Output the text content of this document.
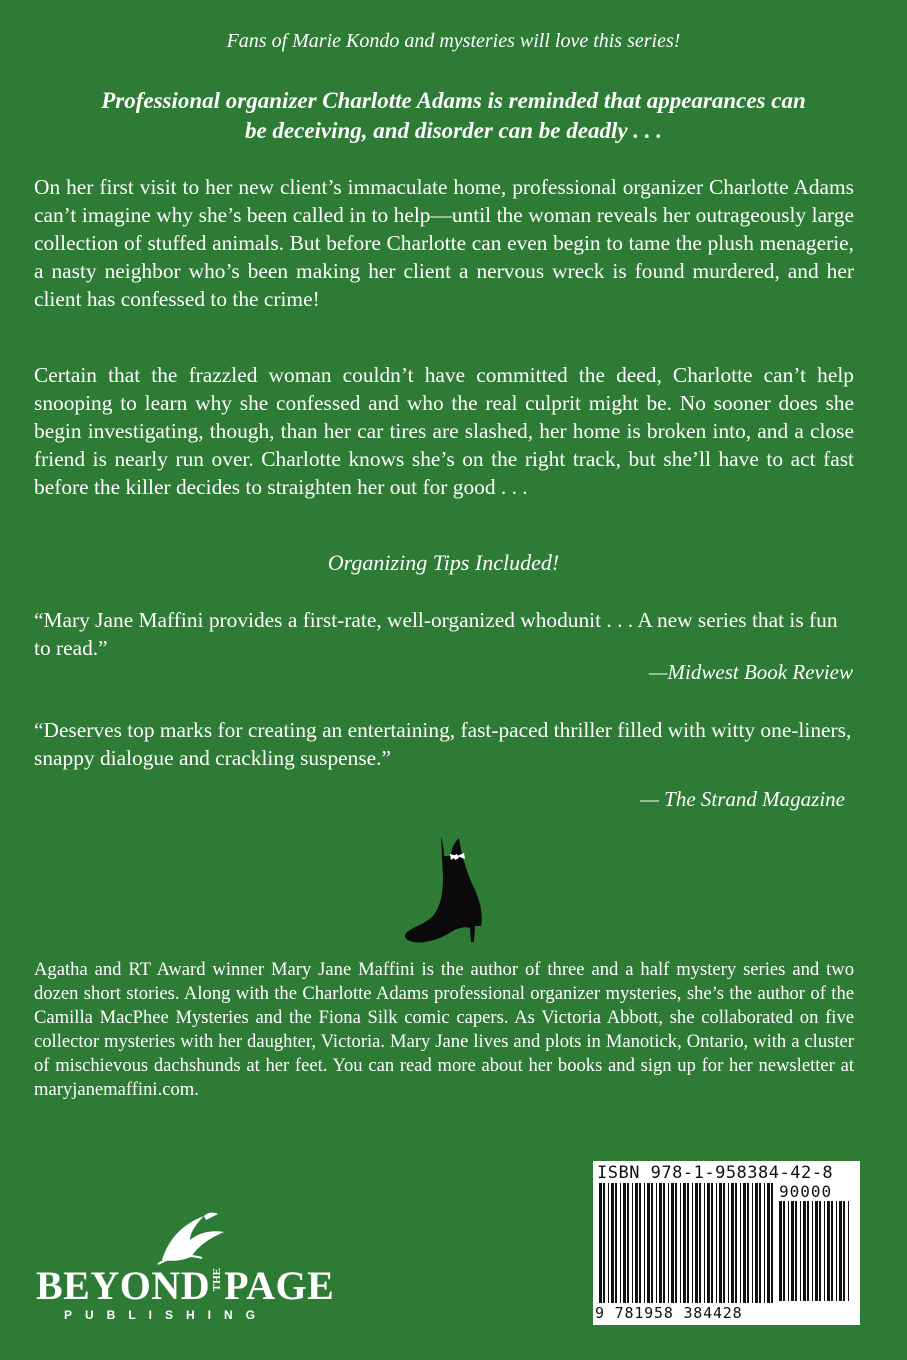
Fans of Marie Kondo and mysteries will love this series!
Professional organizer Charlotte Adams is reminded that appearances can be deceiving, and disorder can be deadly . . .

On her first visit to her new client’s immaculate home, professional organizer Charlotte Adams can’t imagine why she’s been called in to help—until the woman reveals her outrageously large collection of stuffed animals. But before Charlotte can even begin to tame the plush menagerie, a nasty neighbor who’s been making her client a nervous wreck is found murdered, and her client has confessed to the crime!

Certain that the frazzled woman couldn’t have committed the deed, Charlotte can’t help snooping to learn why she confessed and who the real culprit might be. No sooner does she begin investigating, though, than her car tires are slashed, her home is broken into, and a close friend is nearly run over. Charlotte knows she’s on the right track, but she’ll have to act fast before the killer decides to straighten her out for good . . .

Organizing Tips Included!

“Mary Jane Maffini provides a first-rate, well-organized whodunit . . . A new series that is fun to read.”

—Midwest Book Review

“Deserves top marks for creating an entertaining, fast-paced thriller filled with witty one-liners, snappy dialogue and crackling suspense.”

— The Strand Magazine

Agatha and RT Award winner Mary Jane Maffini is the author of three and a half mystery series and two dozen short stories. Along with the Charlotte Adams professional organizer mysteries, she’s the author of the Camilla MacPhee Mysteries and the Fiona Silk comic capers. As Victoria Abbott, she collaborated on five collector mysteries with her daughter, Victoria. Mary Jane lives and plots in Manotick, Ontario, with a cluster of mischievous dachshunds at her feet. You can read more about her books and sign up for her newsletter at maryjanemaffini.com.

ISBN 978-1-958384-42-8
90000
9 781958 384428
BEYONDTHEPAGE
PUBLISHING
